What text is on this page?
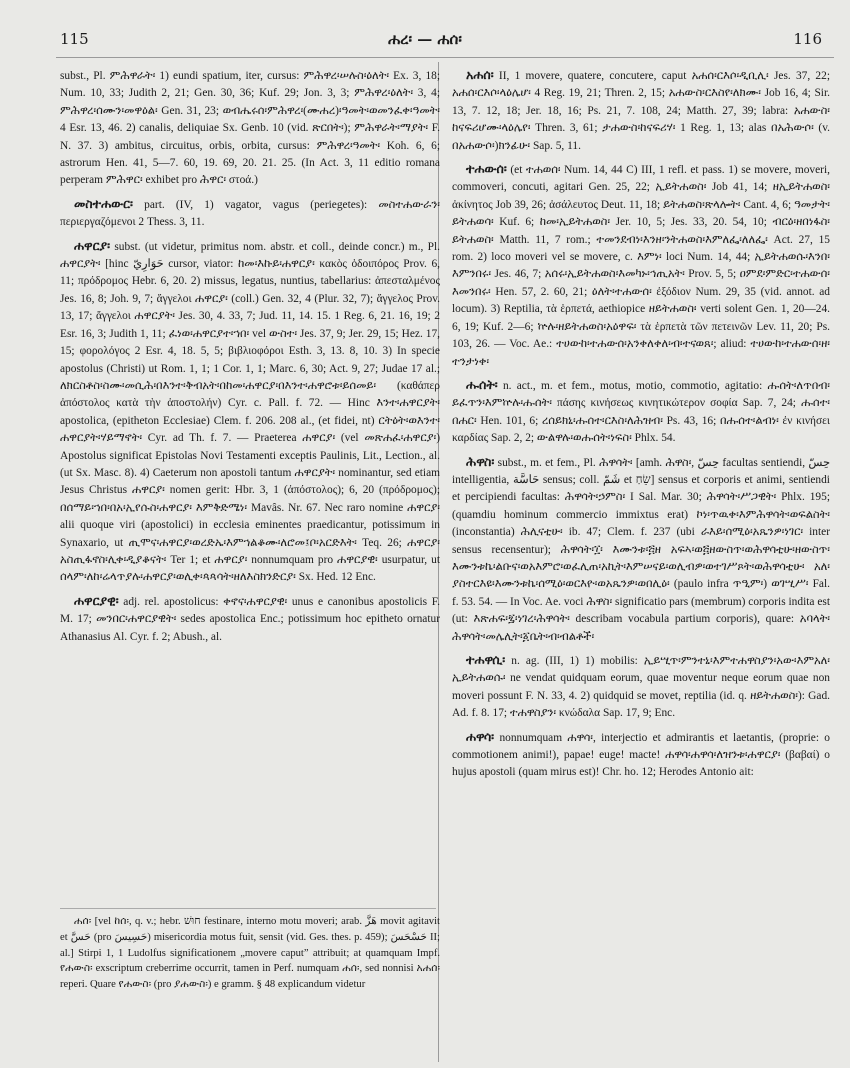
115	ሐረ፡ — ሐሰ፡	116

subst., Pl. ምሕዋራት፡ 1) eundi spatium, iter, cursus: ምሕዋረ፡ሠሉስ፡ዕለት፡ Ex. 3, 18; Num. 10, 33; Judith 2, 21; Gen. 30, 36; Kuf. 29; Jon. 3, 3; ምሕዋረ፡ዕለት፡ 3, 4; ምሕዋረ፡ሰሙን፡መዋዕል፡ Gen. 31, 23; ወብሔሩሰ፡ምሕዋረ፡(ሙሐረ)፡ዓመት፡ወመንፈቀ፡ዓመት፡ 4 Esr. 13, 46. 2) canalis, deliquiae Sx. Genb. 10 (vid. ጽርበት፡); ምሕዋራት፡ማያት፡ F. N. 37. 3) ambitus, circuitus, orbis, orbita, cursus: ምሕዋረ፡ዓመት፡ Koh. 6, 6; astrorum Hen. 41, 5—7. 60, 19. 69, 20. 21. 25. (In Act. 3, 11 editio romana perperam ምሕዋር፡ exhibet pro ሕዋር፡ στοά.)

መስተሐውር፡ part. (IV, 1) vagator, vagus (periegetes): መስተሐውራን፡ περιεργαζόμενοι 2 Thess. 3, 11.

ሐዋርያ፡ subst. (ut videtur, primitus nom. abstr. et coll., deinde concr.) m., Pl. ሐዋርያት፡ [hinc حَوَارِيّ cursor, viator: ከመ፡እኩይ፡ሐዋርያ፡ κακὸς ὁδοιπόρος Prov. 6, 11; πρόδρομος Hebr. 6, 20. 2) missus, legatus, nuntius, tabellarius: ἀπεσταλμένος Jes. 16, 8; Joh. 9, 7; ἄγγελοι ሐዋርያ፡ (coll.) Gen. 32, 4 (Plur. 32, 7); ἄγγελος Prov. 13, 17; ἄγγελοι ሐዋርያት፡ Jes. 30, 4. 33, 7; Jud. 11, 14. 15. 1 Reg. 6, 21. 16, 19; 2 Esr. 16, 3; Judith 1, 11; ፈነወ፡ሐዋርያተ፡ኀበ፡ vel ውስተ፡ Jes. 37, 9; Jer. 29, 15; Hez. 17, 15; φορολόγος 2 Esr. 4, 18. 5, 5; βιβλιοφόροι Esth. 3, 13. 8, 10. 3) In specie apostolus (Christi) ut Rom. 1, 1; 1 Cor. 1, 1; Marc. 6, 30; Act. 9, 27; Judae 17 al.; ለክርስቶስ፡ስሙ፡መሲሕ፡በእንተ፡ቅብአት፡በከመ፡ሐዋርያ፡በእንተ፡ሐዋሮቱ፡ይሰመይ፡ (καθάπερ ἀπόστολος κατὰ τὴν ἀποστολήν) Cyr. c. Pall. f. 72. — Hinc እንተ፡ሐዋርያት፡ apostolica, (epitheton Ecclesiae) Clem. f. 206. 208 al., (et fidei, nt) ርትዕት፡ወእንተ፡ሐዋርያት፡ሃይማኖት፡ Cyr. ad Th. f. 7. — Praeterea ሐዋርያ፡ (vel መጽሐፈ፡ሐዋርያ፡) Apostolus significat Epistolas Novi Testamenti exceptis Paulinis, Lit., Lection., al. (ut Sx. Masc. 8). 4) Caeterum non apostoli tantum ሐዋርያት፡ nominantur, sed etiam Jesus Christus ሐዋርያ፡ nomen gerit: Hbr. 3, 1 (ἀπόστολος); 6, 20 (πρόδρομος); በሰማይ፡ኀበ፡በአ፡ኢየሱስ፡ሐዋርያ፡ እምቅድሜነ፡ Mavâs. Nr. 67. Nec raro nomine ሐዋርያ፡ alii quoque viri (apostolici) in ecclesia eminentes praedicantur, potissimum in Synaxario, ut ጢሞና፡ሐዋርያ፡ወረድኤ፡እምኀልቆሙ፡ለሮመ፤ቦ፡አርድእት፡ Teq. 26; ሐዋርያ፡አስጢፋኖስ፡ሊቀ፡ዲያቆናት፡ Ter 1; et ሐዋርያ፡ nonnumquam pro ሐዋርያዊ፡ usurpatur, ut ሰላም፡ለከ፡ሬላጥያሉ፡ሐዋርያ፡ወሊቀ፡ጳጳሳት፡ዘለእስክንድርያ፡ Sx. Hed. 12 Enc.

ሐዋርያዊ፡ adj. rel. apostolicus: ቀኖና፡ሐዋርያዊ፡ unus e canonibus apostolicis F. M. 17; መንበር፡ሐዋርያዊት፡ sedes apostolica Enc.; potissimum hoc epitheto ornatur Athanasius Al. Cyr. f. 2; Abush., al.

ሐሰ፡ [vel ከሰ፡, q. v.; hebr. חוּשׁ festinare, interno motu moveri; arab. هَزَّ movit agitavit et حَسَّ (pro حَسِيسَ) misericordia motus fuit, sensit (vid. Ges. thes. p. 459); حَسْحَسَ II; al.] Stirpi 1, 1 Ludolfus significationem „movere caput” attribuit; at quamquam Impf. የሐውስ፡ exscriptum creberrime occurrit, tamen in Perf. numquam ሐሰ፡, sed nonnisi አሐሰ፡ reperi. Quare የሐውስ፡ (pro ያሐውስ፡) e gramm. § 48 explicandum videtur

አሐሰ፡ II, 1 movere, quatere, concutere, caput አሐሰ፡ርእሶ፡ዲቢሊ፡ Jes. 37, 22; አሐሰ፡ርእሶ፡ላዕሌሆ፡ 4 Reg. 19, 21; Thren. 2, 15; አሐውስ፡ርእስየ፡ለክሙ፡ Job 16, 4; Sir. 13, 7. 12, 18; Jer. 18, 16; Ps. 21, 7. 108, 24; Matth. 27, 39; labra: አሐውስ፡ከናፍሪሆሙ፡ላዕሌየ፡ Thren. 3, 61; ታሐውስ፡ከናፍሪሃ፡ 1 Reg. 1, 13; alas በአሕውሶ፡ (v. በአሐውሶ፡)ክንፊሁ፡ Sap. 5, 11.

ተሐውሰ፡ (et ተሐወሰ፡ Num. 14, 44 C) III, 1 refl. et pass. 1) se movere, moveri, commoveri, concuti, agitari Gen. 25, 22; ኢይትሐወስ፡ Job 41, 14; ዘኢይትሐወስ፡ ἀκίνητος Job 39, 26; ἀσάλευτος Deut. 11, 18; ይትሐወስ፡ጽላሎት፡ Cant. 4, 6; ዓመታት፡ይትሐወሳ፡ Kuf. 6; ከመ፡ኢይትሐወስ፡ Jer. 10, 5; Jes. 33, 20. 54, 10; ብርዕ፡ዘበነፋስ፡ይትሐወስ፡ Matth. 11, 7 rom.; ተመንደብነ፡እንዘ፡ንትሐወስ፡እምለፌ፡ለለፌ፡ Act. 27, 15 rom. 2) loco moveri vel se movere, c. እምነ፡ loci Num. 14, 44; ኢይትሐወሱ፡እንበ፡እምንበሩ፡ Jes. 46, 7; አሰሩ፡ኢይትሐወስ፡እመካኑ፡ኅጢአት፡ Prov. 5, 5; ዐምደ፡ምድር፡ተሐውሰ፡እመንበሩ፡ Hen. 57, 2. 60, 21; ዕለት፡ተሐውሰ፡ ἐξόδιον Num. 29, 35 (vid. annot. ad locum). 3) Reptilia, τὰ ἑρπετά, aethiopice ዘይትሐወስ፡ verti solent Gen. 1, 20—24. 6, 19; Kuf. 2—6; ኵሉ፡ዘይትሐወስ፡አዕዋፍ፡ τὰ ἑρπετὰ τῶν πετεινῶν Lev. 11, 20; Ps. 103, 26. — Voc. Ae.: ተሀውከ፡ተሐውሰ፡አንቀለቀለ፡ብ፡ተናወጸ፡; aliud: ተሀውከ፡ተሐውሰ፡ዘ፡ተንታነቀ፡

ሑሰት፡ n. act., m. et fem., motus, motio, commotio, agitatio: ሑሰት፡ለጥበብ፡ይፈጥን፡እምኵሉ፡ሑሰት፡ πάσης κινήσεως κινητικώτερον σοφία Sap. 7, 24; ሑሰተ፡በሐር፡ Hen. 101, 6; ረሰይክኒ፡ሑሰተ፡ርእስ፡ለሕዝብ፡ Ps. 43, 16; በሑሰተ፡ልብነ፡ ἐν κινήσει καρδίας Sap. 2, 2; ውልዋሉ፡ወሑሰት፡ነፍስ፡ Phlx. 54.

ሕዋስ፡ subst., m. et fem., Pl. ሕዋሳት፡ [amh. ሕዋስ፡, حِسّ facultas sentiendi, حِسّ intelligentia, حَاسَّة sensus; coll. شَمّ et שֵׂחַ] sensus et corporis et animi, sentiendi et percipiendi facultas: ሕዋሳት፡ኃምስ፡ I Sal. Mar. 30; ሕዋሳት፡ሥጋዊት፡ Phlx. 195; (quamdiu hominum commercio immixtus erat) ኮነ፡ጥዉቀ፡እምሕዋሳት፡ወፍልስት፡ (inconstantia) ሕሊናቲሁ፡ ib. 47; Clem. f. 237 (ubi ራእይ፡ሰሚዕ፡አጼንዎ፡ነገር፡ inter sensus recensentur); ሕዋሳት፡፲፡ እሙንቱ፡፭ዘ አፍኣ፡ወ፭ዘውስጥ፡ወሕዋሳቲሁ፡ዘውስጥ፡እሙንቱኬ፡ልቡና፡ወአእምሮ፡ወፈሊጠ፡አኪት፡እምሠናይ፡ወሊብዎ፡ወተገሥጾት፡ወሕዋሳቲሁ፡ አለ፡ያስተርእዩ፡እሙንቱኬ፡ሰሚዕ፡ወርእዮ፡ወአጼንዎ፡ወበሊዕ፡ (paulo infra ጥዒም፡) ወገሢሥ፡ Fal. f. 53. 54. — In Voc. Ae. voci ሕዋስ፡ significatio pars (membrum) corporis indita est (ut: እጽሐፍ፡፯፡ነገረ፡ሕዋሳት፡ describam vocabula partium corporis), quare: አባላት፡ሕዋሳት፡መሌሊት፡፩ቤት፡ብ፡ብልቶች፡

ተሐዋሲ፡ n. ag. (III, 1) 1) mobilis: ኢይሢጥ፡ምንተኒ፡እምተሐዋስያን፡አው፡እምአለ፡ኢይትሐወሱ፡ ne vendat quidquam eorum, quae moventur neque eorum quae non moveri possunt F. N. 33, 4. 2) quidquid se movet, reptilia (id. q. ዘይትሐወስ፡): Gad. Ad. f. 8. 17; ተሐዋስያን፡ κνώδαλα Sap. 17, 9; Enc.

ሐዋሳ፡ nonnumquam ሐዋሳ፡, interjectio et admirantis et laetantis, (proprie: o commotionem animi!), papae! euge! macte! ሐዋሳ፡ሐዋሳ፡ለዝንቱ፡ሐዋርያ፡ (βαβαί) o hujus apostoli (quam mirus est)! Chr. ho. 12; Herodes Antonio ait:
